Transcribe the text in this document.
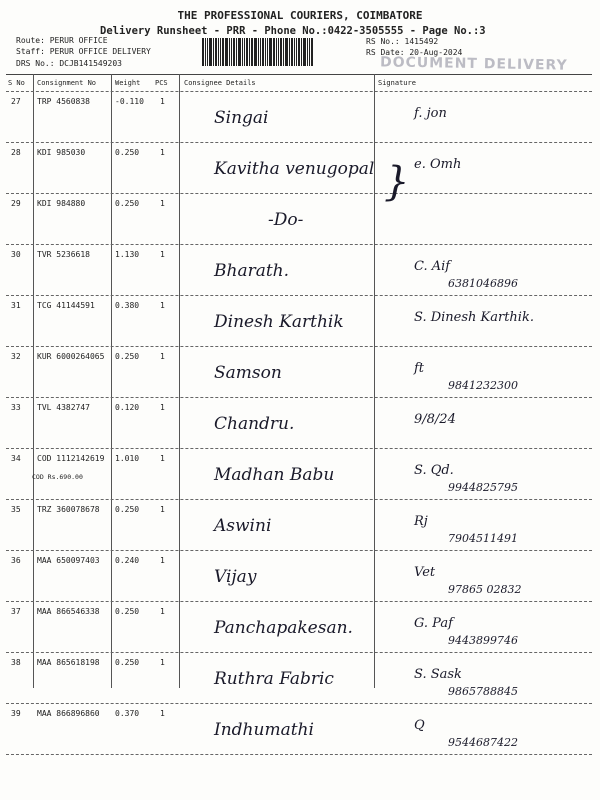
THE PROFESSIONAL COURIERS, COIMBATORE
Delivery Runsheet - PRR - Phone No.:0422-3505555 - Page No.:3
Route: PERUR OFFICE
Staff: PERUR OFFICE DELIVERY
DRS No.: DCJB141549203
RS No.: 1415492
RS Date: 20-Aug-2024
DOCUMENT DELIVERY
S No Consignment No	Weight PCS Consignee Details	Signature
27 TRP 4560838	-0.110 1
Singai	f. jon
28 KDI 985030	0.250	1
Kavitha venugopal	e. Omh
29 KDI 984880	0.250	1
-Do-
30 TVR 5236618	1.130	1
Bharath.	C. Aif
6381046896
31 TCG 41144591	0.380	1
Dinesh Karthik	S. Dinesh Karthik.
32 KUR 6000264065 0.250	1
Samson	ft
9841232300
33 TVL 4382747	0.120	1
Chandru.	9/8/24
34 COD 1112142619 1.010	1
COD Rs.690.00	Madhan Babu	S. Qd.
9944825795
35 TRZ 360078678 0.250	1
Aswini	Rj
7904511491
36 MAA 650097403 0.240	1
Vijay	Vet
97865 02832
37 MAA 866546338 0.250	1
Panchapakesan.	G. Paf
9443899746
38 MAA 865618198 0.250	1
Ruthra Fabric	S. Sask
9865788845
39 MAA 866896860 0.370	1
Indhumathi	Q
9544687422
}
